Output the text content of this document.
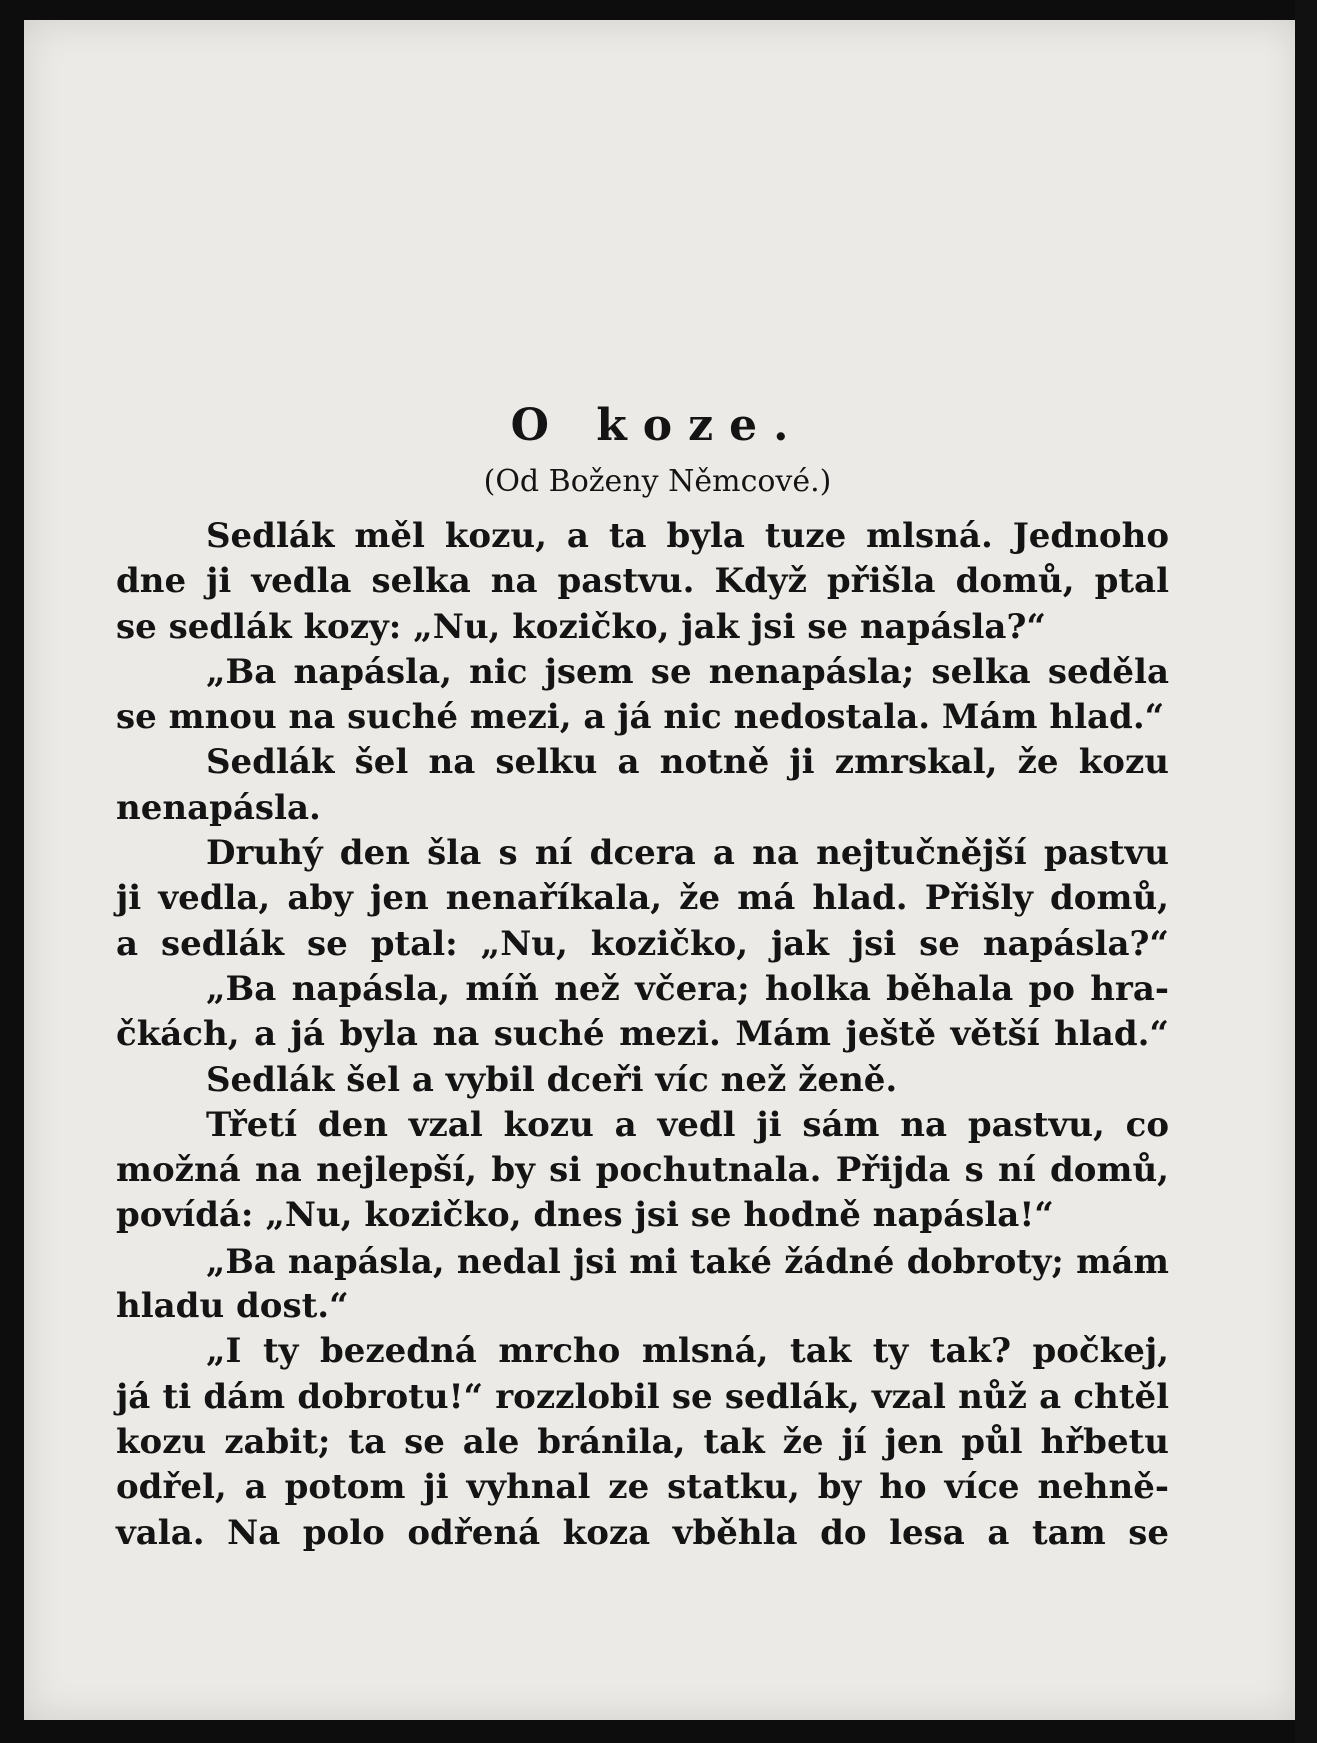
O koze.
(Od Boženy Němcové.)
Sedlák měl kozu, a ta byla tuze mlsná. Jednoho
dne ji vedla selka na pastvu. Když přišla domů, ptal
se sedlák kozy: „Nu, kozičko, jak jsi se napásla?“
„Ba napásla, nic jsem se nenapásla; selka seděla
se mnou na suché mezi, a já nic nedostala. Mám hlad.“
Sedlák šel na selku a notně ji zmrskal, že kozu
nenapásla.
Druhý den šla s ní dcera a na nejtučnější pastvu
ji vedla, aby jen nenaříkala, že má hlad. Přišly domů,
a sedlák se ptal: „Nu, kozičko, jak jsi se napásla?“
„Ba napásla, míň než včera; holka běhala po hra-
čkách, a já byla na suché mezi. Mám ještě větší hlad.“
Sedlák šel a vybil dceři víc než ženě.
Třetí den vzal kozu a vedl ji sám na pastvu, co
možná na nejlepší, by si pochutnala. Přijda s ní domů,
povídá: „Nu, kozičko, dnes jsi se hodně napásla!“
„Ba napásla, nedal jsi mi také žádné dobroty; mám
hladu dost.“
„I ty bezedná mrcho mlsná, tak ty tak? počkej,
já ti dám dobrotu!“ rozzlobil se sedlák, vzal nůž a chtěl
kozu zabit; ta se ale bránila, tak že jí jen půl hřbetu
odřel, a potom ji vyhnal ze statku, by ho více nehně-
vala. Na polo odřená koza vběhla do lesa a tam se
